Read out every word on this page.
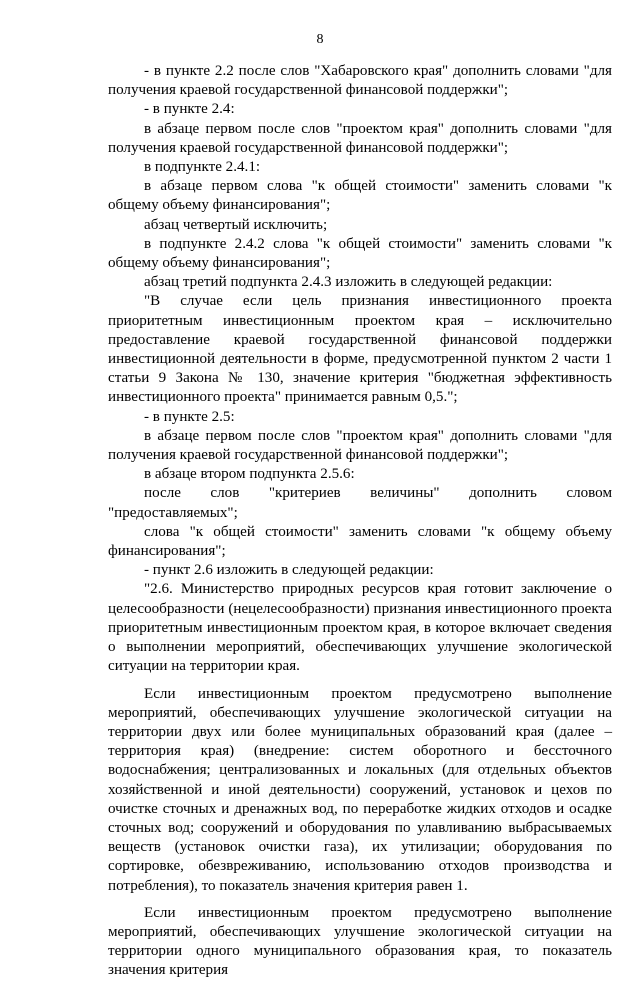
8

- в пункте 2.2 после слов "Хабаровского края" дополнить словами "для получения краевой государственной финансовой поддержки";

- в пункте 2.4:

в абзаце первом после слов "проектом края" дополнить словами "для получения краевой государственной финансовой поддержки";

в подпункте 2.4.1:

в абзаце первом слова "к общей стоимости" заменить словами "к общему объему финансирования";

абзац четвертый исключить;

в подпункте 2.4.2 слова "к общей стоимости" заменить словами "к общему объему финансирования";

абзац третий подпункта 2.4.3 изложить в следующей редакции:

"В случае если цель признания инвестиционного проекта приоритетным инвестиционным проектом края – исключительно предоставление краевой государственной финансовой поддержки инвестиционной деятельности в форме, предусмотренной пунктом 2 части 1 статьи 9 Закона № 130, значение критерия "бюджетная эффективность инвестиционного проекта" принимается равным 0,5.";

- в пункте 2.5:

в абзаце первом после слов "проектом края" дополнить словами "для получения краевой государственной финансовой поддержки";

в абзаце втором подпункта 2.5.6:

после слов "критериев величины" дополнить словом "предоставляемых";

слова "к общей стоимости" заменить словами "к общему объему финансирования";

- пункт 2.6 изложить в следующей редакции:

"2.6. Министерство природных ресурсов края готовит заключение о целесообразности (нецелесообразности) признания инвестиционного проекта приоритетным инвестиционным проектом края, в которое включает сведения о выполнении мероприятий, обеспечивающих улучшение экологической ситуации на территории края.

Если инвестиционным проектом предусмотрено выполнение мероприятий, обеспечивающих улучшение экологической ситуации на территории двух или более муниципальных образований края (далее – территория края) (внедрение: систем оборотного и бессточного водоснабжения; централизованных и локальных (для отдельных объектов хозяйственной и иной деятельности) сооружений, установок и цехов по очистке сточных и дренажных вод, по переработке жидких отходов и осадке сточных вод; сооружений и оборудования по улавливанию выбрасываемых веществ (установок очистки газа), их утилизации; оборудования по сортировке, обезвреживанию, использованию отходов производства и потребления), то показатель значения критерия равен 1.

Если инвестиционным проектом предусмотрено выполнение мероприятий, обеспечивающих улучшение экологической ситуации на территории одного муниципального образования края, то показатель значения критерия
